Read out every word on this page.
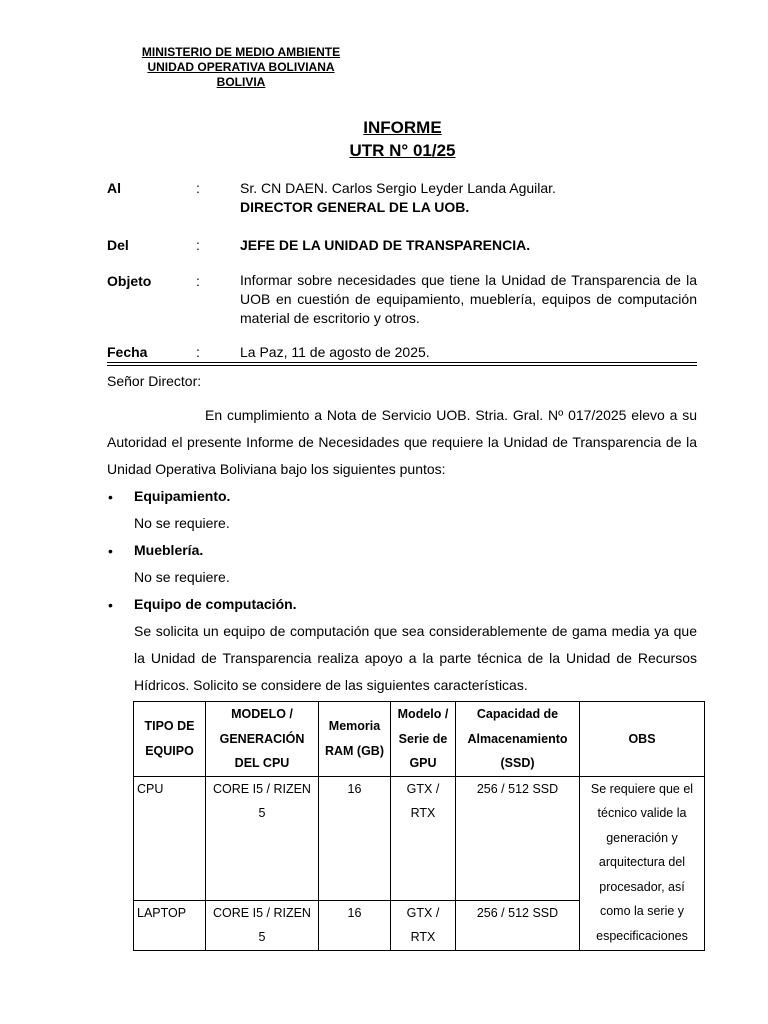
MINISTERIO DE MEDIO AMBIENTE
UNIDAD OPERATIVA BOLIVIANA
BOLIVIA
INFORME
UTR N° 01/25
Al	:	Sr. CN DAEN. Carlos Sergio Leyder Landa Aguilar.
DIRECTOR GENERAL DE LA UOB.
Del	:	JEFE DE LA UNIDAD DE TRANSPARENCIA.
Objeto	:	Informar sobre necesidades que tiene la Unidad de Transparencia de la UOB en cuestión de equipamiento, mueblería, equipos de computación material de escritorio y otros.
Fecha	:	La Paz, 11 de agosto de 2025.
Señor Director:
En cumplimiento a Nota de Servicio UOB. Stria. Gral. Nº 017/2025 elevo a su Autoridad el presente Informe de Necesidades que requiere la Unidad de Transparencia de la Unidad Operativa Boliviana bajo los siguientes puntos:
• Equipamiento.
No se requiere.
• Mueblería.
No se requiere.
• Equipo de computación.
Se solicita un equipo de computación que sea considerablemente de gama media ya que la Unidad de Transparencia realiza apoyo a la parte técnica de la Unidad de Recursos Hídricos. Solicito se considere de las siguientes características.
TIPO DE EQUIPO	MODELO / GENERACIÓN DEL CPU	Memoria RAM (GB)	Modelo / Serie de GPU	Capacidad de Almacenamiento (SSD)	OBS
CPU	CORE I5 / RIZEN 5	16	GTX / RTX	256 / 512 SSD	Se requiere que el técnico valide la generación y arquitectura del procesador, así como la serie y especificaciones
LAPTOP	CORE I5 / RIZEN 5	16	GTX / RTX	256 / 512 SSD	
